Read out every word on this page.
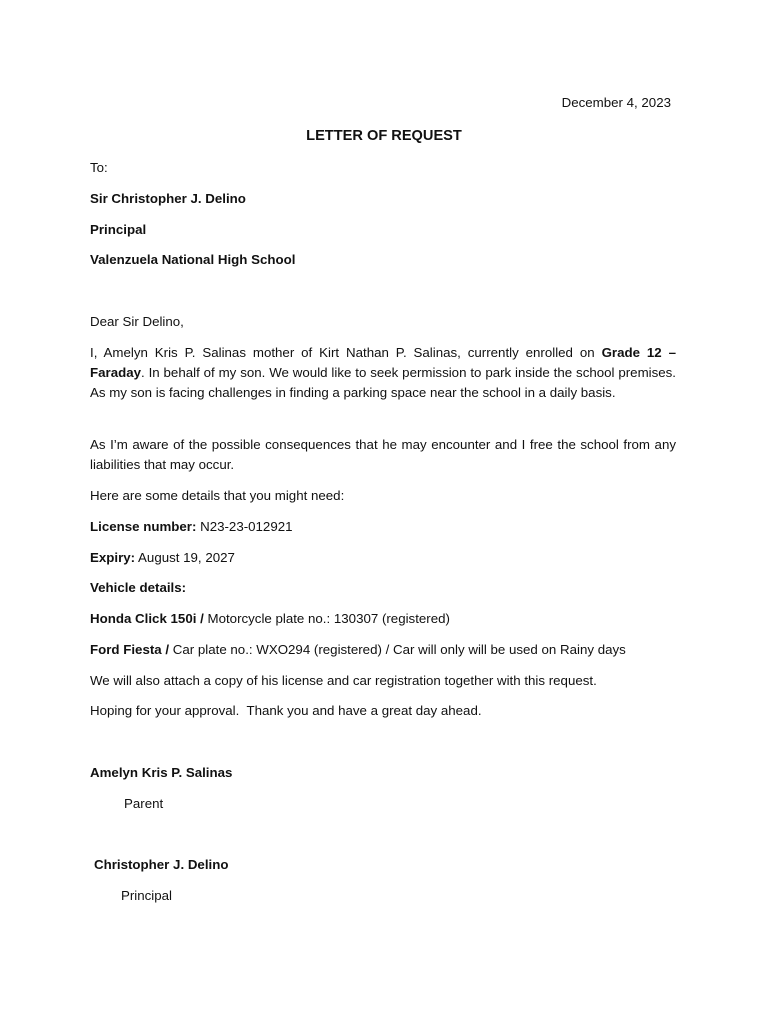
December 4, 2023
LETTER OF REQUEST
To:
Sir Christopher J. Delino
Principal
Valenzuela National High School
Dear Sir Delino,
I, Amelyn Kris P. Salinas mother of Kirt Nathan P. Salinas, currently enrolled on Grade 12 – Faraday. In behalf of my son. We would like to seek permission to park inside the school premises. As my son is facing challenges in finding a parking space near the school in a daily basis.
As I’m aware of the possible consequences that he may encounter and I free the school from any liabilities that may occur.
Here are some details that you might need:
License number: N23-23-012921
Expiry: August 19, 2027
Vehicle details:
Honda Click 150i / Motorcycle plate no.: 130307 (registered)
Ford Fiesta / Car plate no.: WXO294 (registered) / Car will only will be used on Rainy days
We will also attach a copy of his license and car registration together with this request.
Hoping for your approval.  Thank you and have a great day ahead.
Amelyn Kris P. Salinas
Parent
Christopher J. Delino
Principal
